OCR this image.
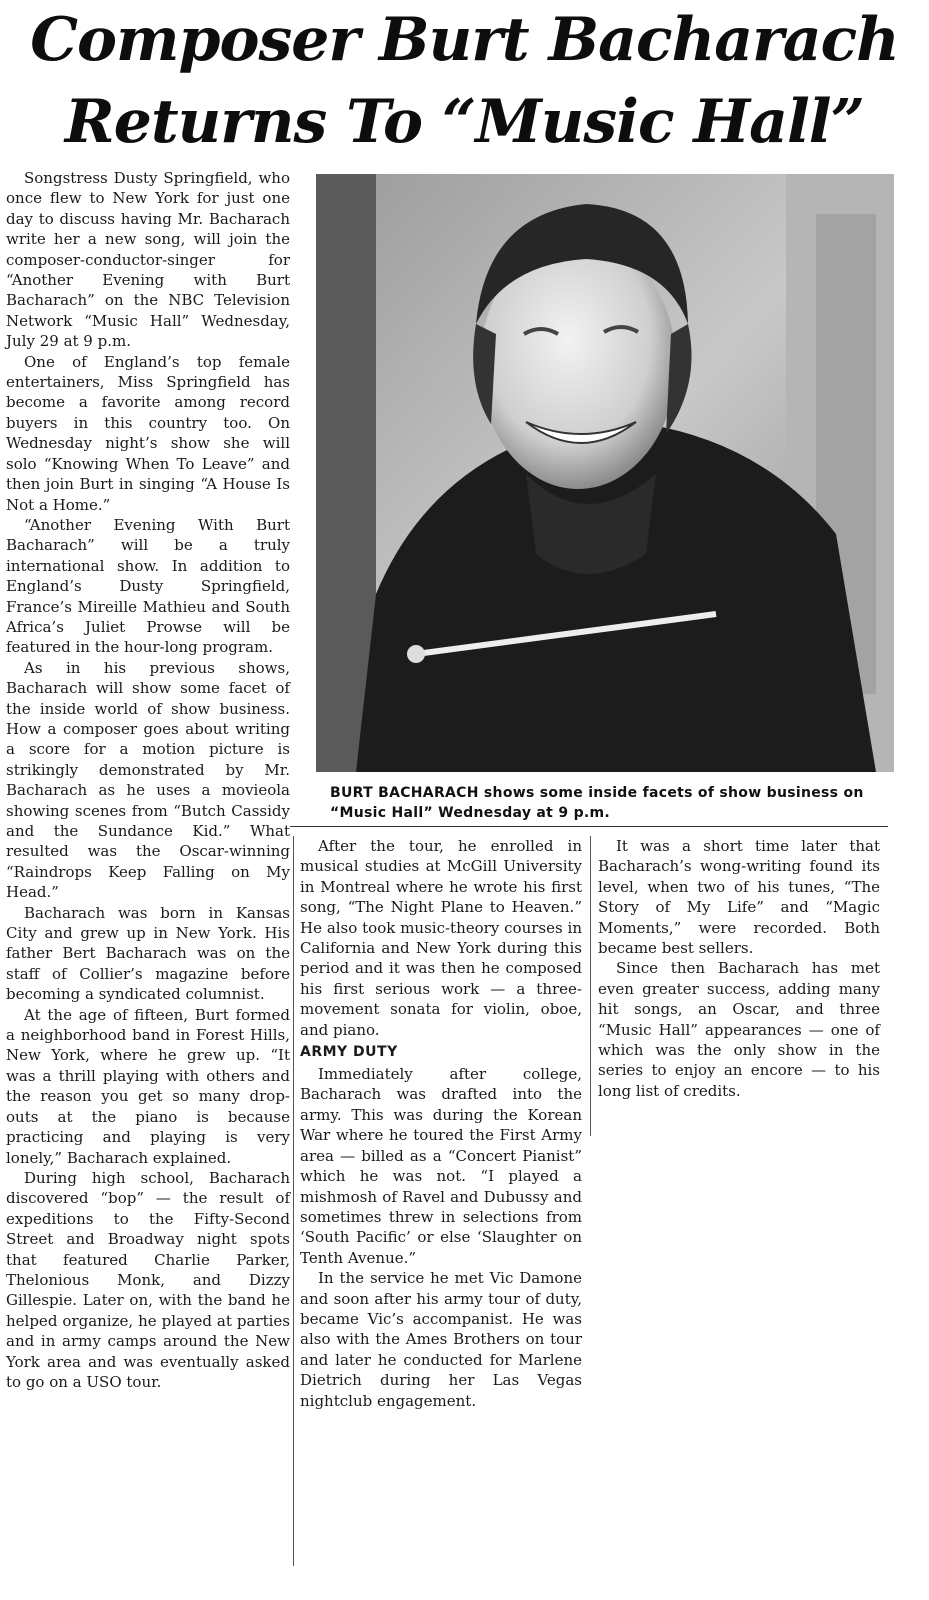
Composer Burt Bacharach
Returns To “Music Hall”

Songstress Dusty Springfield, who once flew to New York for just one day to discuss having Mr. Bacharach write her a new song, will join the composer-conductor-singer for “Another Evening with Burt Bacharach” on the NBC Television Network “Music Hall” Wednesday, July 29 at 9 p.m.

One of England’s top female entertainers, Miss Springfield has become a favorite among record buyers in this country too. On Wednesday night’s show she will solo “Knowing When To Leave” and then join Burt in singing “A House Is Not a Home.”

“Another Evening With Burt Bacharach” will be a truly international show. In addition to England’s Dusty Springfield, France’s Mireille Mathieu and South Africa’s Juliet Prowse will be featured in the hour-long program.

As in his previous shows, Bacharach will show some facet of the inside world of show business. How a composer goes about writing a score for a motion picture is strikingly demonstrated by Mr. Bacharach as he uses a movieola showing scenes from “Butch Cassidy and the Sundance Kid.” What resulted was the Oscar-winning “Raindrops Keep Falling on My Head.”

Bacharach was born in Kansas City and grew up in New York. His father Bert Bacharach was on the staff of Collier’s magazine before becoming a syndicated columnist.

At the age of fifteen, Burt formed a neighborhood band in Forest Hills, New York, where he grew up. “It was a thrill playing with others and the reason you get so many drop-outs at the piano is because practicing and playing is very lonely,” Bacharach explained.

During high school, Bacharach discovered “bop” — the result of expeditions to the Fifty-Second Street and Broadway night spots that featured Charlie Parker, Thelonious Monk, and Dizzy Gillespie. Later on, with the band he helped organize, he played at parties and in army camps around the New York area and was eventually asked to go on a USO tour.

BURT BACHARACH shows some inside facets of show business on “Music Hall” Wednesday at 9 p.m.

After the tour, he enrolled in musical studies at McGill University in Montreal where he wrote his first song, “The Night Plane to Heaven.” He also took music-theory courses in California and New York during this period and it was then he composed his first serious work — a three-movement sonata for violin, oboe, and piano.

ARMY DUTY

Immediately after college, Bacharach was drafted into the army. This was during the Korean War where he toured the First Army area — billed as a “Concert Pianist” which he was not. “I played a mishmosh of Ravel and Dubussy and sometimes threw in selections from ‘South Pacific’ or else ‘Slaughter on Tenth Avenue.”

In the service he met Vic Damone and soon after his army tour of duty, became Vic’s accompanist. He was also with the Ames Brothers on tour and later he conducted for Marlene Dietrich during her Las Vegas nightclub engagement.

It was a short time later that Bacharach’s wong-writing found its level, when two of his tunes, “The Story of My Life” and “Magic Moments,” were recorded. Both became best sellers.

Since then Bacharach has met even greater success, adding many hit songs, an Oscar, and three “Music Hall” appearances — one of which was the only show in the series to enjoy an encore — to his long list of credits.
